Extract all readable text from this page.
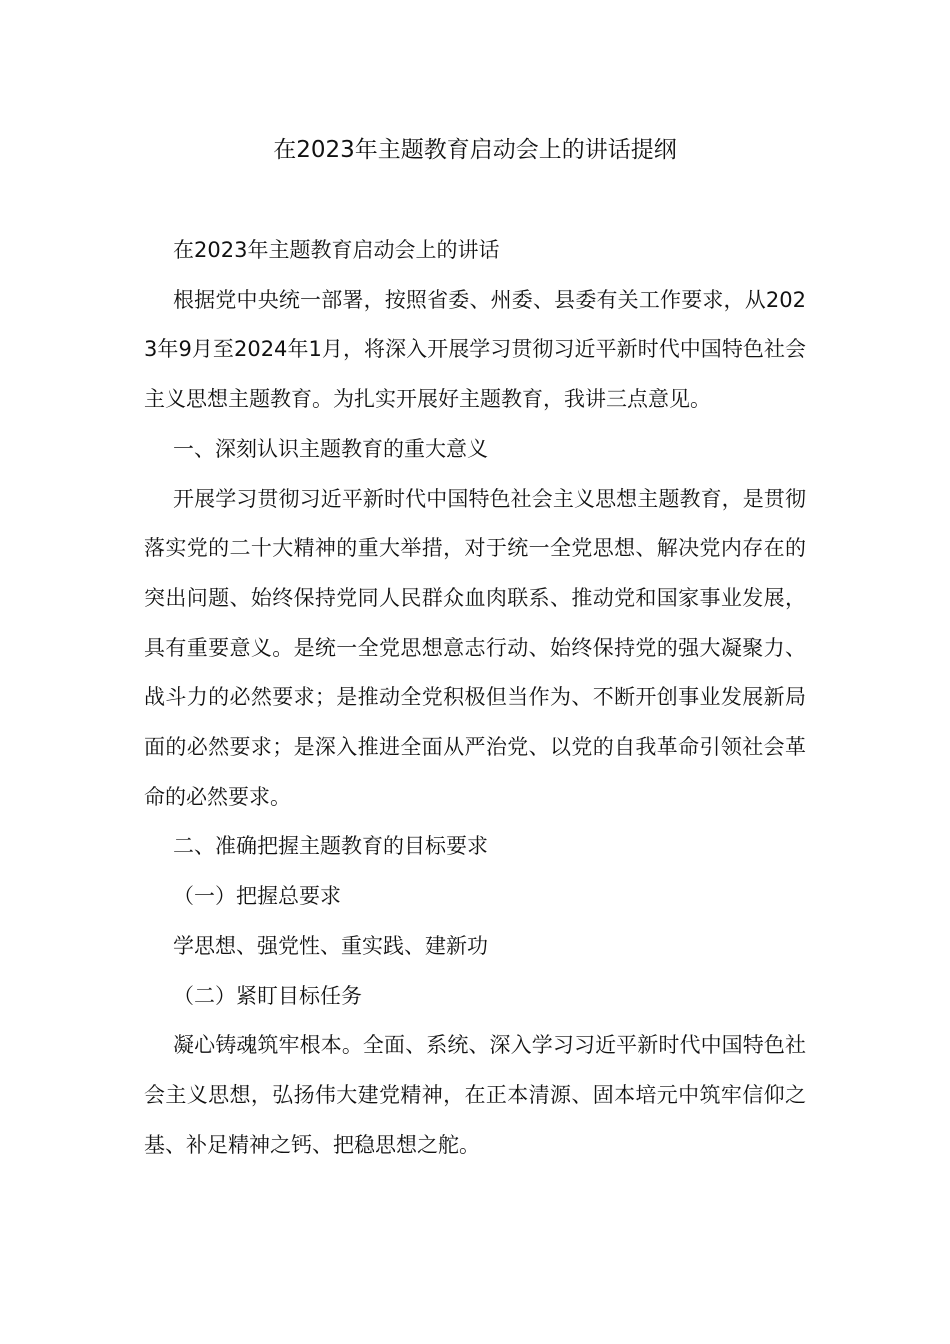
在2023年主题教育启动会上的讲话提纲

在2023年主题教育启动会上的讲话

根据党中央统一部署，按照省委、州委、县委有关工作要求，从2023年9月至2024年1月，将深入开展学习贯彻习近平新时代中国特色社会主义思想主题教育。为扎实开展好主题教育，我讲三点意见。

一、深刻认识主题教育的重大意义

开展学习贯彻习近平新时代中国特色社会主义思想主题教育，是贯彻落实党的二十大精神的重大举措，对于统一全党思想、解决党内存在的突出问题、始终保持党同人民群众血肉联系、推动党和国家事业发展，具有重要意义。是统一全党思想意志行动、始终保持党的强大凝聚力、战斗力的必然要求；是推动全党积极但当作为、不断开创事业发展新局面的必然要求；是深入推进全面从严治党、以党的自我革命引领社会革命的必然要求。

二、准确把握主题教育的目标要求

（一）把握总要求

学思想、强党性、重实践、建新功

（二）紧盯目标任务

凝心铸魂筑牢根本。全面、系统、深入学习习近平新时代中国特色社会主义思想，弘扬伟大建党精神，在正本清源、固本培元中筑牢信仰之基、补足精神之钙、把稳思想之舵。
